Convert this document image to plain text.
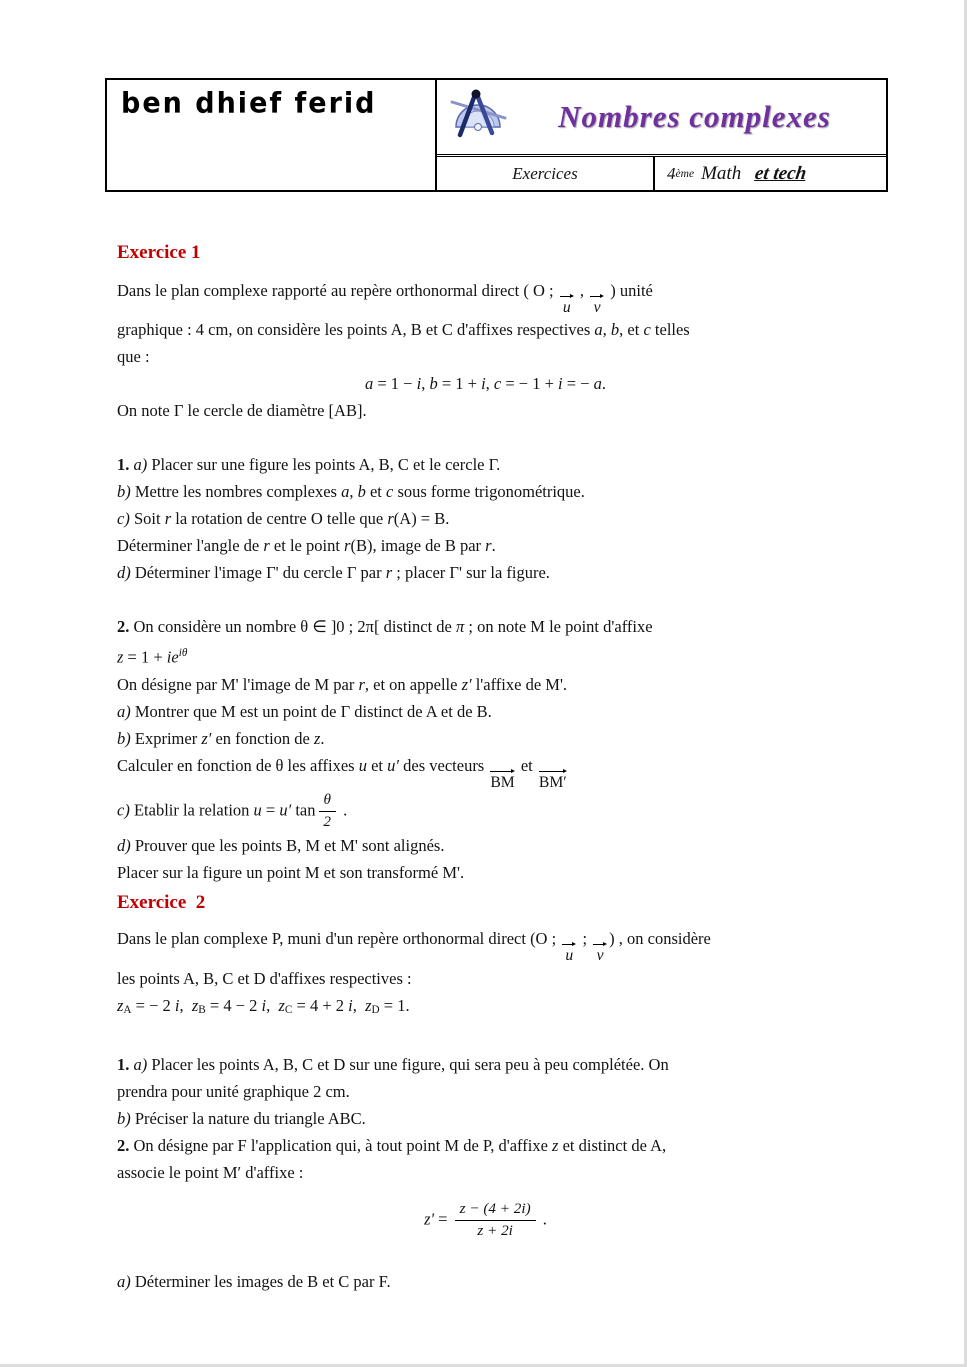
ben dhief ferid	Nombres complexes
Exercices	4 ème Math et tech
Exercice 1
Dans le plan complexe rapporté au repère orthonormal direct ( O ;
u
,
v
) unité
graphique : 4 cm, on considère les points A, B et C d'affixes respectives a, b, et c telles
que :
a = 1 − i, b = 1 + i, c = − 1 + i = − a.
On note Γ le cercle de diamètre [AB].
1. a) Placer sur une figure les points A, B, C et le cercle Γ.
b) Mettre les nombres complexes a, b et c sous forme trigonométrique.
c) Soit r la rotation de centre O telle que r(A) = B.
Déterminer l'angle de r et le point r(B), image de B par r.
d) Déterminer l'image Γ' du cercle Γ par r ; placer Γ' sur la figure.
2. On considère un nombre θ ∈ ]0 ; 2π[ distinct de π ; on note M le point d'affixe
$z = 1 + ie^{i\theta}$
On désigne par M' l'image de M par r, et on appelle z′ l'affixe de M'.
a) Montrer que M est un point de Γ distinct de A et de B.
b) Exprimer z′ en fonction de z.
Calculer en fonction de θ les affixes u et u′ des vecteurs
BM
et
BM′
c) Etablir la relation u = u′ $\tan \frac{\theta}{2}$ .
d) Prouver que les points B, M et M' sont alignés.
Placer sur la figure un point M et son transformé M'.
Exercice  2
Dans le plan complexe P, muni d'un repère orthonormal direct (O ;
u
;
v
) , on considère
les points A, B, C et D d'affixes respectives :
zA = − 2 i,  zB = 4 − 2 i,  zC = 4 + 2 i,  zD = 1.
1. a) Placer les points A, B, C et D sur une figure, qui sera peu à peu complétée. On
prendra pour unité graphique 2 cm.
b) Préciser la nature du triangle ABC.
2. On désigne par F l'application qui, à tout point M de P, d'affixe z et distinct de A,
associe le point M′ d'affixe :
$z' = \frac{z - (4 + 2i)}{z + 2i}$ .
a) Déterminer les images de B et C par F.
